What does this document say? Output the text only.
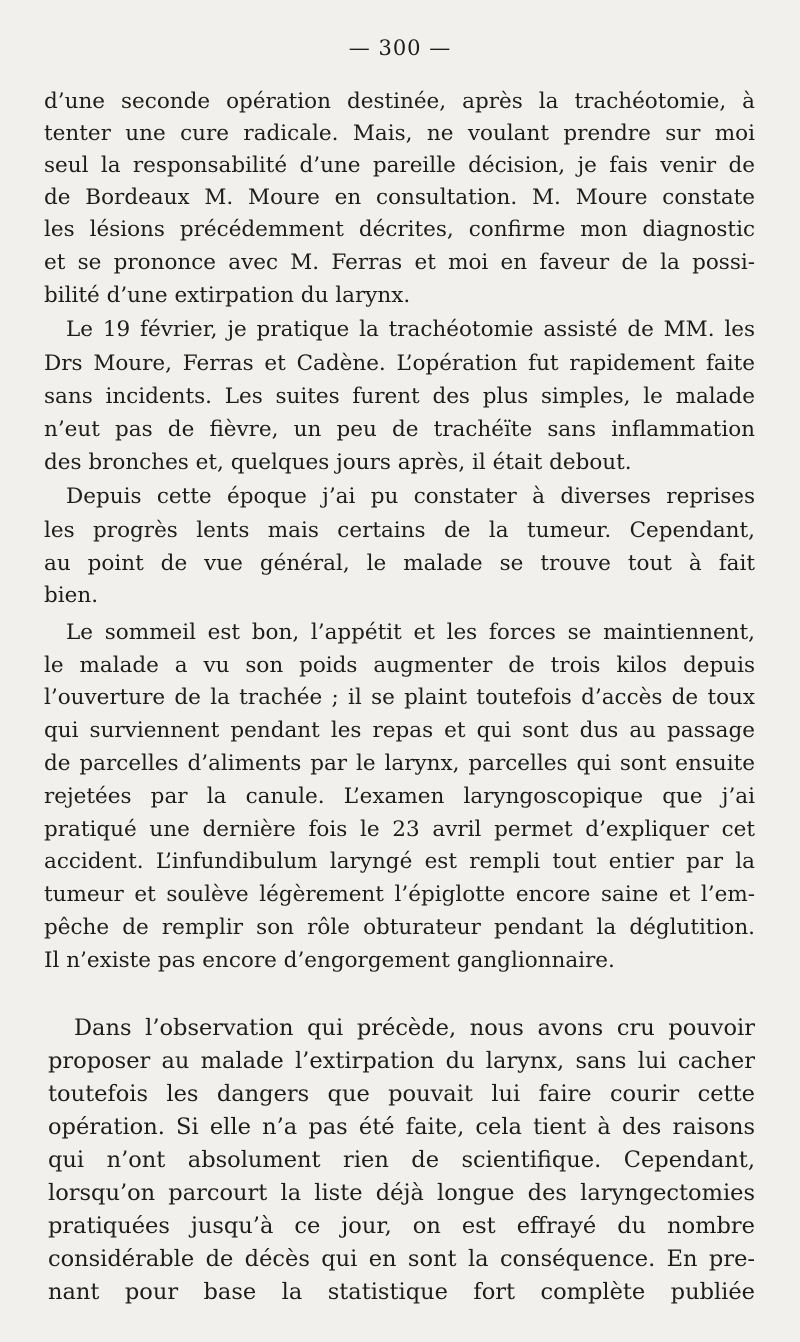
— 300 —
d’une seconde opération destinée, après la trachéotomie, à
tenter une cure radicale. Mais, ne voulant prendre sur moi
seul la responsabilité d’une pareille décision, je fais venir de
de Bordeaux M. Moure en consultation. M. Moure constate
les lésions précédemment décrites, confirme mon diagnostic
et se prononce avec M. Ferras et moi en faveur de la possi-
bilité d’une extirpation du larynx.
Le 19 février, je pratique la trachéotomie assisté de MM. les
Drs Moure, Ferras et Cadène. L’opération fut rapidement faite
sans incidents. Les suites furent des plus simples, le malade
n’eut pas de fièvre, un peu de trachéïte sans inflammation
des bronches et, quelques jours après, il était debout.
Depuis cette époque j’ai pu constater à diverses reprises
les progrès lents mais certains de la tumeur. Cependant,
au point de vue général, le malade se trouve tout à fait
bien.
Le sommeil est bon, l’appétit et les forces se maintiennent,
le malade a vu son poids augmenter de trois kilos depuis
l’ouverture de la trachée ; il se plaint toutefois d’accès de toux
qui surviennent pendant les repas et qui sont dus au passage
de parcelles d’aliments par le larynx, parcelles qui sont ensuite
rejetées par la canule. L’examen laryngoscopique que j’ai
pratiqué une dernière fois le 23 avril permet d’expliquer cet
accident. L’infundibulum laryngé est rempli tout entier par la
tumeur et soulève légèrement l’épiglotte encore saine et l’em-
pêche de remplir son rôle obturateur pendant la déglutition.
Il n’existe pas encore d’engorgement ganglionnaire.
Dans l’observation qui précède, nous avons cru pouvoir
proposer au malade l’extirpation du larynx, sans lui cacher
toutefois les dangers que pouvait lui faire courir cette
opération. Si elle n’a pas été faite, cela tient à des raisons
qui n’ont absolument rien de scientifique. Cependant,
lorsqu’on parcourt la liste déjà longue des laryngectomies
pratiquées jusqu’à ce jour, on est effrayé du nombre
considérable de décès qui en sont la conséquence. En pre-
nant pour base la statistique fort complète publiée
